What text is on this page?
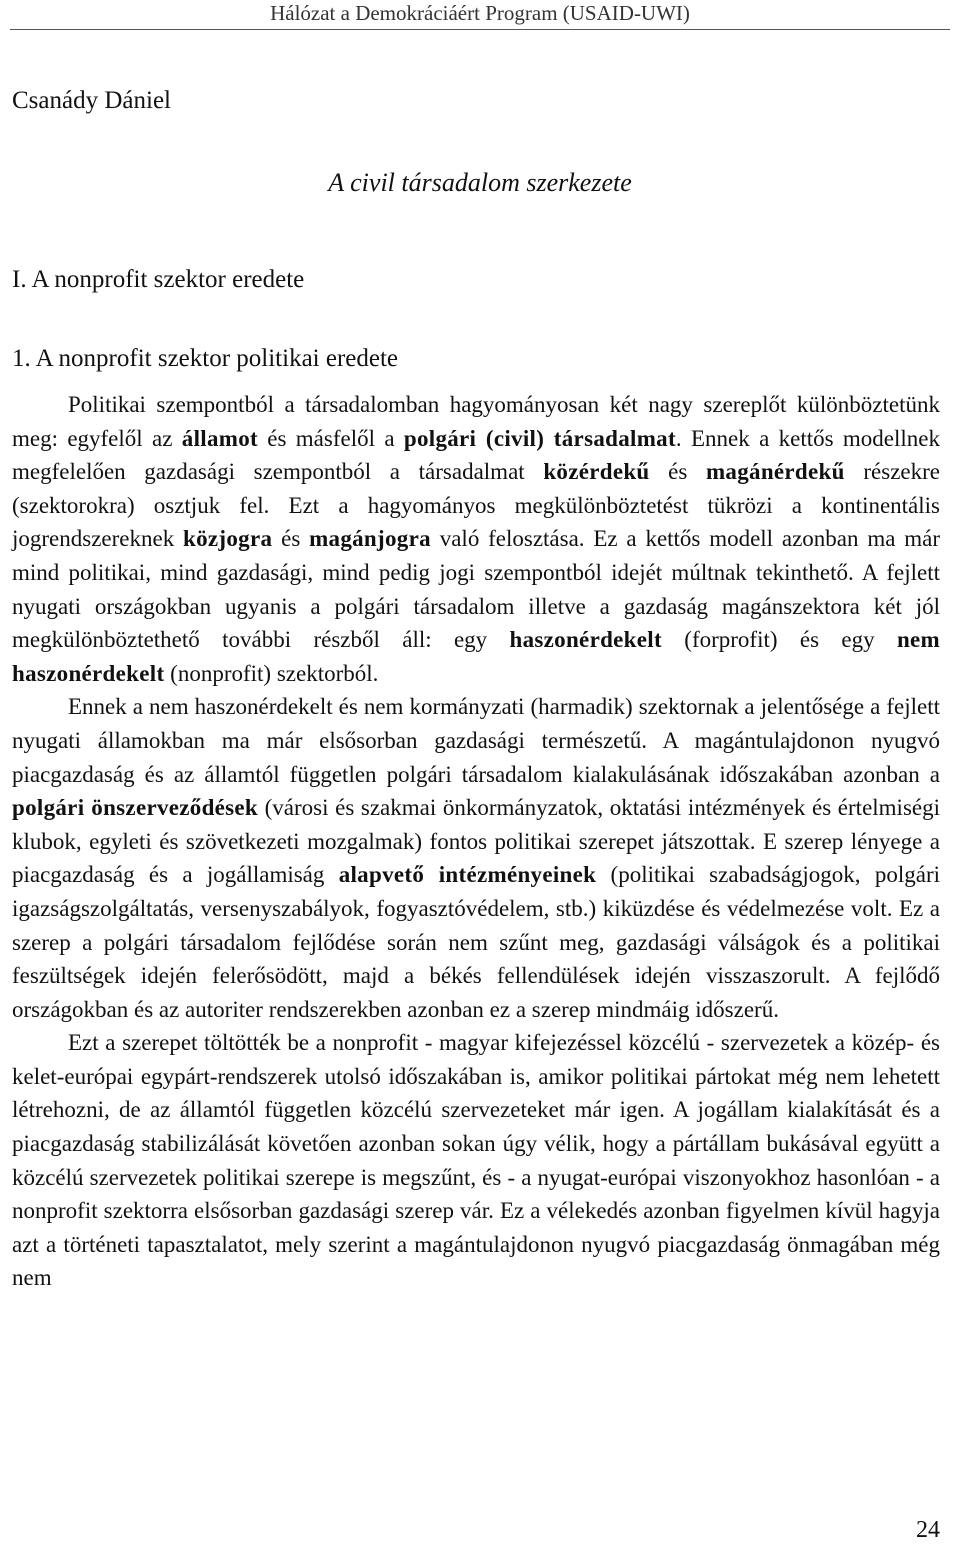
Hálózat a Demokráciáért Program (USAID-UWI)
Csanády Dániel
A civil társadalom szerkezete
I. A nonprofit szektor eredete
1. A nonprofit szektor politikai eredete

Politikai szempontból a társadalomban hagyományosan két nagy szereplőt különböztetünk meg: egyfelől az államot és másfelől a polgári (civil) társadalmat. Ennek a kettős modellnek megfelelően gazdasági szempontból a társadalmat közérdekű és magánérdekű részekre (szektorokra) osztjuk fel. Ezt a hagyományos megkülönböztetést tükrözi a kontinentális jogrendszereknek közjogra és magánjogra való felosztása. Ez a kettős modell azonban ma már mind politikai, mind gazdasági, mind pedig jogi szempontból idejét múltnak tekinthető. A fejlett nyugati országokban ugyanis a polgári társadalom illetve a gazdaság magánszektora két jól megkülönböztethető további részből áll: egy haszonérdekelt (forprofit) és egy nem haszonérdekelt (nonprofit) szektorból.

Ennek a nem haszonérdekelt és nem kormányzati (harmadik) szektornak a jelentősége a fejlett nyugati államokban ma már elsősorban gazdasági természetű. A magántulajdonon nyugvó piacgazdaság és az államtól független polgári társadalom kialakulásának időszakában azonban a polgári önszerveződések (városi és szakmai önkormányzatok, oktatási intézmények és értelmiségi klubok, egyleti és szövetkezeti mozgalmak) fontos politikai szerepet játszottak. E szerep lényege a piacgazdaság és a jogállamiság alapvető intézményeinek (politikai szabadságjogok, polgári igazságszolgáltatás, versenyszabályok, fogyasztóvédelem, stb.) kiküzdése és védelmezése volt. Ez a szerep a polgári társadalom fejlődése során nem szűnt meg, gazdasági válságok és a politikai feszültségek idején felerősödött, majd a békés fellendülések idején visszaszorult. A fejlődő országokban és az autoriter rendszerekben azonban ez a szerep mindmáig időszerű.

Ezt a szerepet töltötték be a nonprofit - magyar kifejezéssel közcélú - szervezetek a közép- és kelet-európai egypárt-rendszerek utolsó időszakában is, amikor politikai pártokat még nem lehetett létrehozni, de az államtól független közcélú szervezeteket már igen. A jogállam kialakítását és a piacgazdaság stabilizálását követően azonban sokan úgy vélik, hogy a pártállam bukásával együtt a közcélú szervezetek politikai szerepe is megszűnt, és - a nyugat-európai viszonyokhoz hasonlóan - a nonprofit szektorra elsősorban gazdasági szerep vár. Ez a vélekedés azonban figyelmen kívül hagyja azt a történeti tapasztalatot, mely szerint a magántulajdonon nyugvó piacgazdaság önmagában még nem

24
